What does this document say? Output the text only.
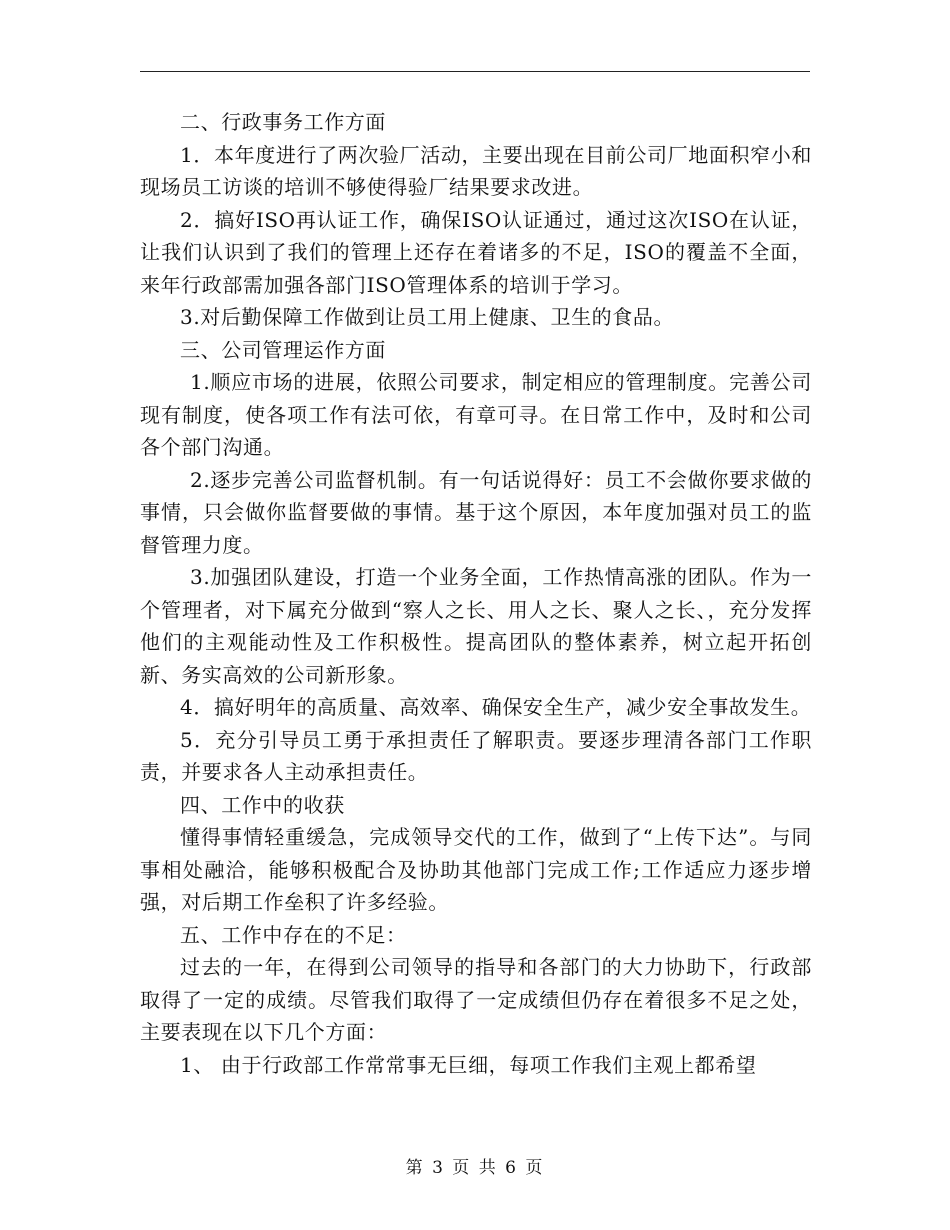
二、行政事务工作方面

1．本年度进行了两次验厂活动，主要出现在目前公司厂地面积窄小和现场员工访谈的培训不够使得验厂结果要求改进。

2．搞好ISO再认证工作，确保ISO认证通过，通过这次ISO在认证，让我们认识到了我们的管理上还存在着诸多的不足，ISO的覆盖不全面，来年行政部需加强各部门ISO管理体系的培训于学习。

3.对后勤保障工作做到让员工用上健康、卫生的食品。

三、公司管理运作方面

1.顺应市场的进展，依照公司要求，制定相应的管理制度。完善公司现有制度，使各项工作有法可依，有章可寻。在日常工作中，及时和公司各个部门沟通。

2.逐步完善公司监督机制。有一句话说得好：员工不会做你要求做的事情，只会做你监督要做的事情。基于这个原因，本年度加强对员工的监督管理力度。

3.加强团队建设，打造一个业务全面，工作热情高涨的团队。作为一个管理者，对下属充分做到“察人之长、用人之长、聚人之长、，充分发挥他们的主观能动性及工作积极性。提高团队的整体素养，树立起开拓创新、务实高效的公司新形象。

4．搞好明年的高质量、高效率、确保安全生产，减少安全事故发生。

5．充分引导员工勇于承担责任了解职责。要逐步理清各部门工作职责，并要求各人主动承担责任。

四、工作中的收获

懂得事情轻重缓急，完成领导交代的工作，做到了“上传下达”。与同事相处融洽，能够积极配合及协助其他部门完成工作;工作适应力逐步增强，对后期工作垒积了许多经验。

五、工作中存在的不足：

过去的一年，在得到公司领导的指导和各部门的大力协助下，行政部取得了一定的成绩。尽管我们取得了一定成绩但仍存在着很多不足之处，主要表现在以下几个方面：

1、 由于行政部工作常常事无巨细，每项工作我们主观上都希望

第 3 页 共 6 页
